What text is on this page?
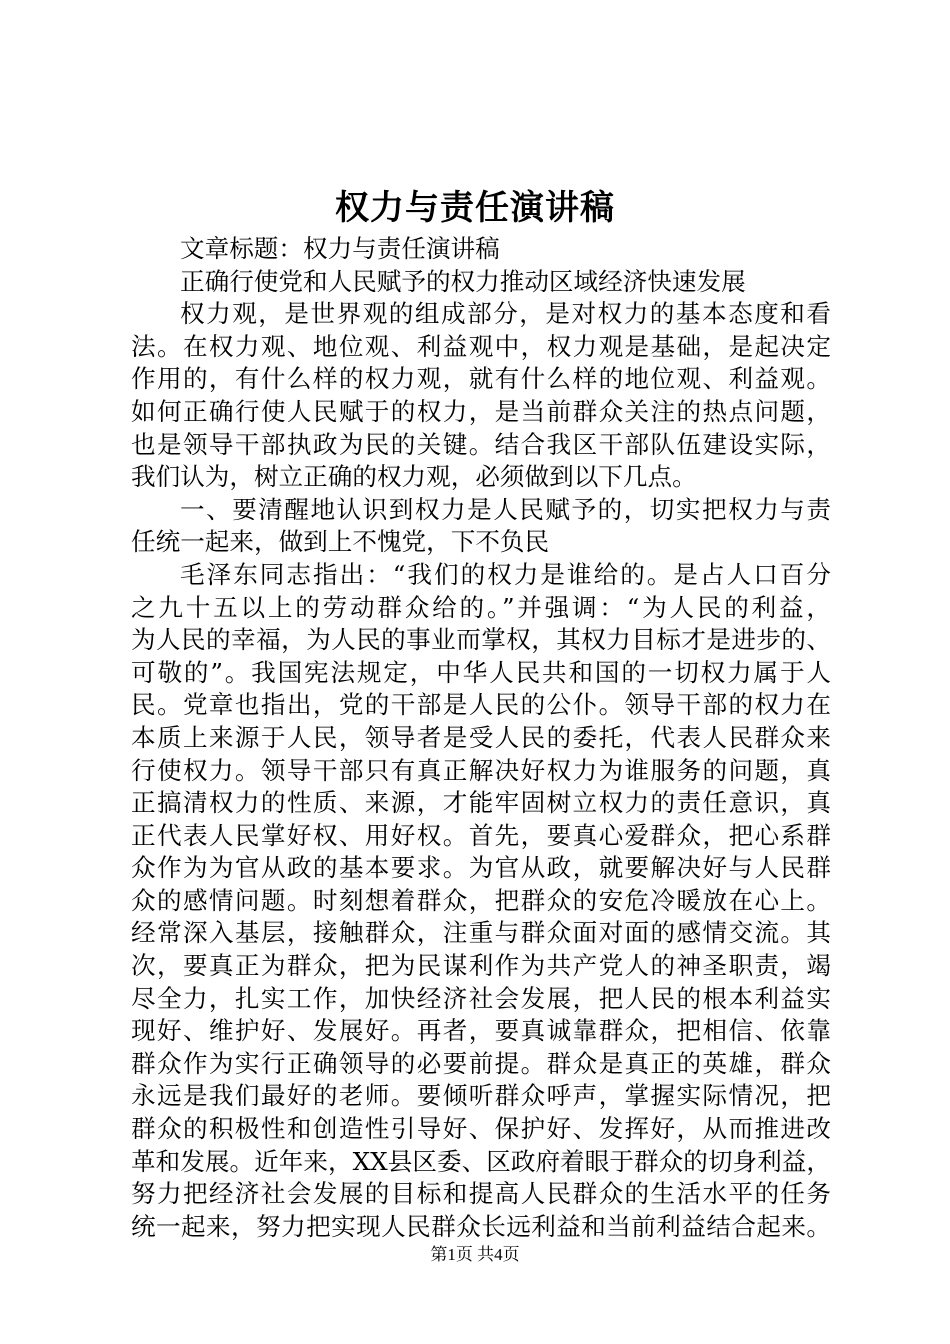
权力与责任演讲稿
文章标题：权力与责任演讲稿
正确行使党和人民赋予的权力推动区域经济快速发展
权力观，是世界观的组成部分，是对权力的基本态度和看
法。在权力观、地位观、利益观中，权力观是基础，是起决定
作用的，有什么样的权力观，就有什么样的地位观、利益观。
如何正确行使人民赋于的权力，是当前群众关注的热点问题，
也是领导干部执政为民的关键。结合我区干部队伍建设实际，
我们认为，树立正确的权力观，必须做到以下几点。
一、要清醒地认识到权力是人民赋予的，切实把权力与责
任统一起来，做到上不愧党，下不负民
毛泽东同志指出：“我们的权力是谁给的。是占人口百分
之九十五以上的劳动群众给的。”并强调：“为人民的利益，
为人民的幸福，为人民的事业而掌权，其权力目标才是进步的、
可敬的”。我国宪法规定，中华人民共和国的一切权力属于人
民。党章也指出，党的干部是人民的公仆。领导干部的权力在
本质上来源于人民，领导者是受人民的委托，代表人民群众来
行使权力。领导干部只有真正解决好权力为谁服务的问题，真
正搞清权力的性质、来源，才能牢固树立权力的责任意识，真
正代表人民掌好权、用好权。首先，要真心爱群众，把心系群
众作为为官从政的基本要求。为官从政，就要解决好与人民群
众的感情问题。时刻想着群众，把群众的安危冷暖放在心上。
经常深入基层，接触群众，注重与群众面对面的感情交流。其
次，要真正为群众，把为民谋利作为共产党人的神圣职责，竭
尽全力，扎实工作，加快经济社会发展，把人民的根本利益实
现好、维护好、发展好。再者，要真诚靠群众，把相信、依靠
群众作为实行正确领导的必要前提。群众是真正的英雄，群众
永远是我们最好的老师。要倾听群众呼声，掌握实际情况，把
群众的积极性和创造性引导好、保护好、发挥好，从而推进改
革和发展。近年来，XX县区委、区政府着眼于群众的切身利益，
努力把经济社会发展的目标和提高人民群众的生活水平的任务
统一起来，努力把实现人民群众长远利益和当前利益结合起来。
第1页 共4页
